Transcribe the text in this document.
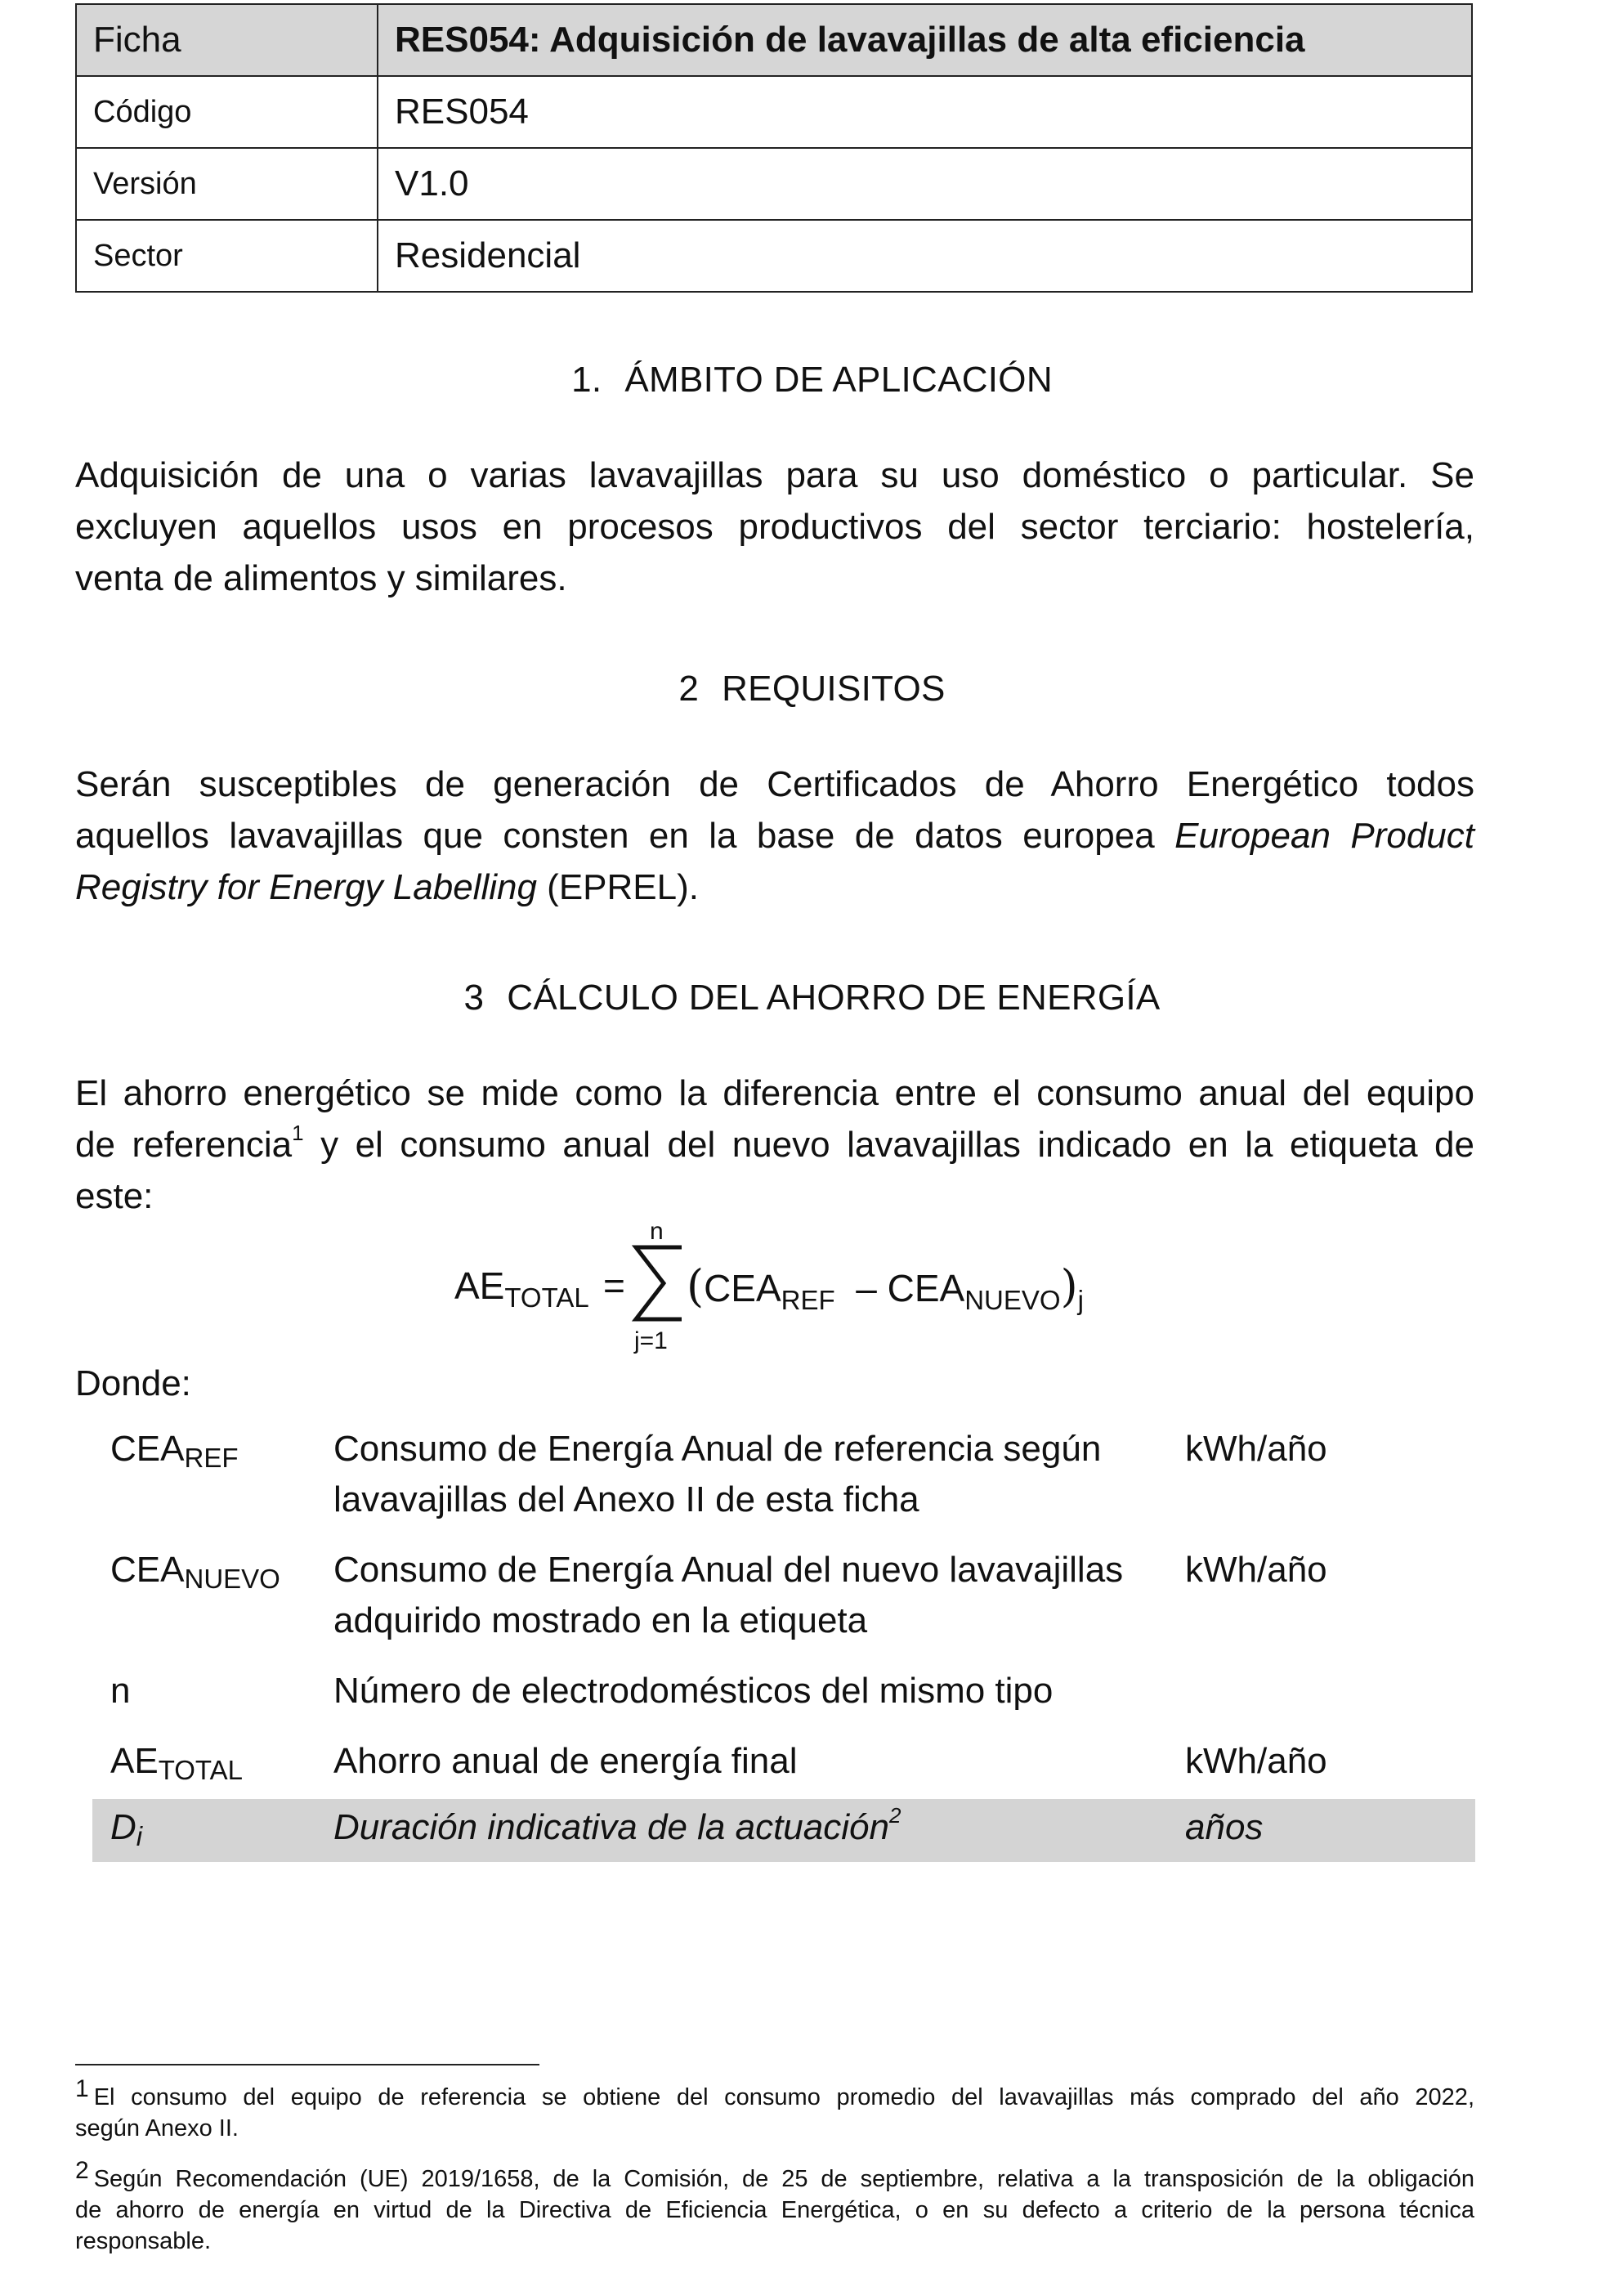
Ficha	RES054: Adquisición de lavavajillas de alta eficiencia
Código	RES054
Versión	V1.0
Sector	Residencial
1. ÁMBITO DE APLICACIÓN
Adquisición de una o varias lavavajillas para su uso doméstico o particular. Se
excluyen aquellos usos en procesos productivos del sector terciario: hostelería,
venta de alimentos y similares.
2 REQUISITOS
Serán susceptibles de generación de Certificados de Ahorro Energético todos
aquellos lavavajillas que consten en la base de datos europea European Product
Registry for Energy Labelling (EPREL).
3 CÁLCULO DEL AHORRO DE ENERGÍA
El ahorro energético se mide como la diferencia entre el consumo anual del equipo
de referencia$^1$ y el consumo anual del nuevo lavavajillas indicado en la etiqueta de
este:
$AE_{TOTAL}$ =
n
j=1
$(CEA_{REF} - CEA_{NUEVO})_j$
Donde:
CEAREF	Consumo de Energía Anual de referencia según
lavavajillas del Anexo II de esta ficha	kWh/año
CEANUEVO	Consumo de Energía Anual del nuevo lavavajillas
adquirido mostrado en la etiqueta	kWh/año
n	Número de electrodomésticos del mismo tipo	
AETOTAL	Ahorro anual de energía final	kWh/año
Di	Duración indicativa de la actuación$^2$	años
1 El consumo del equipo de referencia se obtiene del consumo promedio del lavavajillas más comprado del año 2022,
según Anexo II.
2 Según Recomendación (UE) 2019/1658, de la Comisión, de 25 de septiembre, relativa a la transposición de la obligación
de ahorro de energía en virtud de la Directiva de Eficiencia Energética, o en su defecto a criterio de la persona técnica
responsable.
